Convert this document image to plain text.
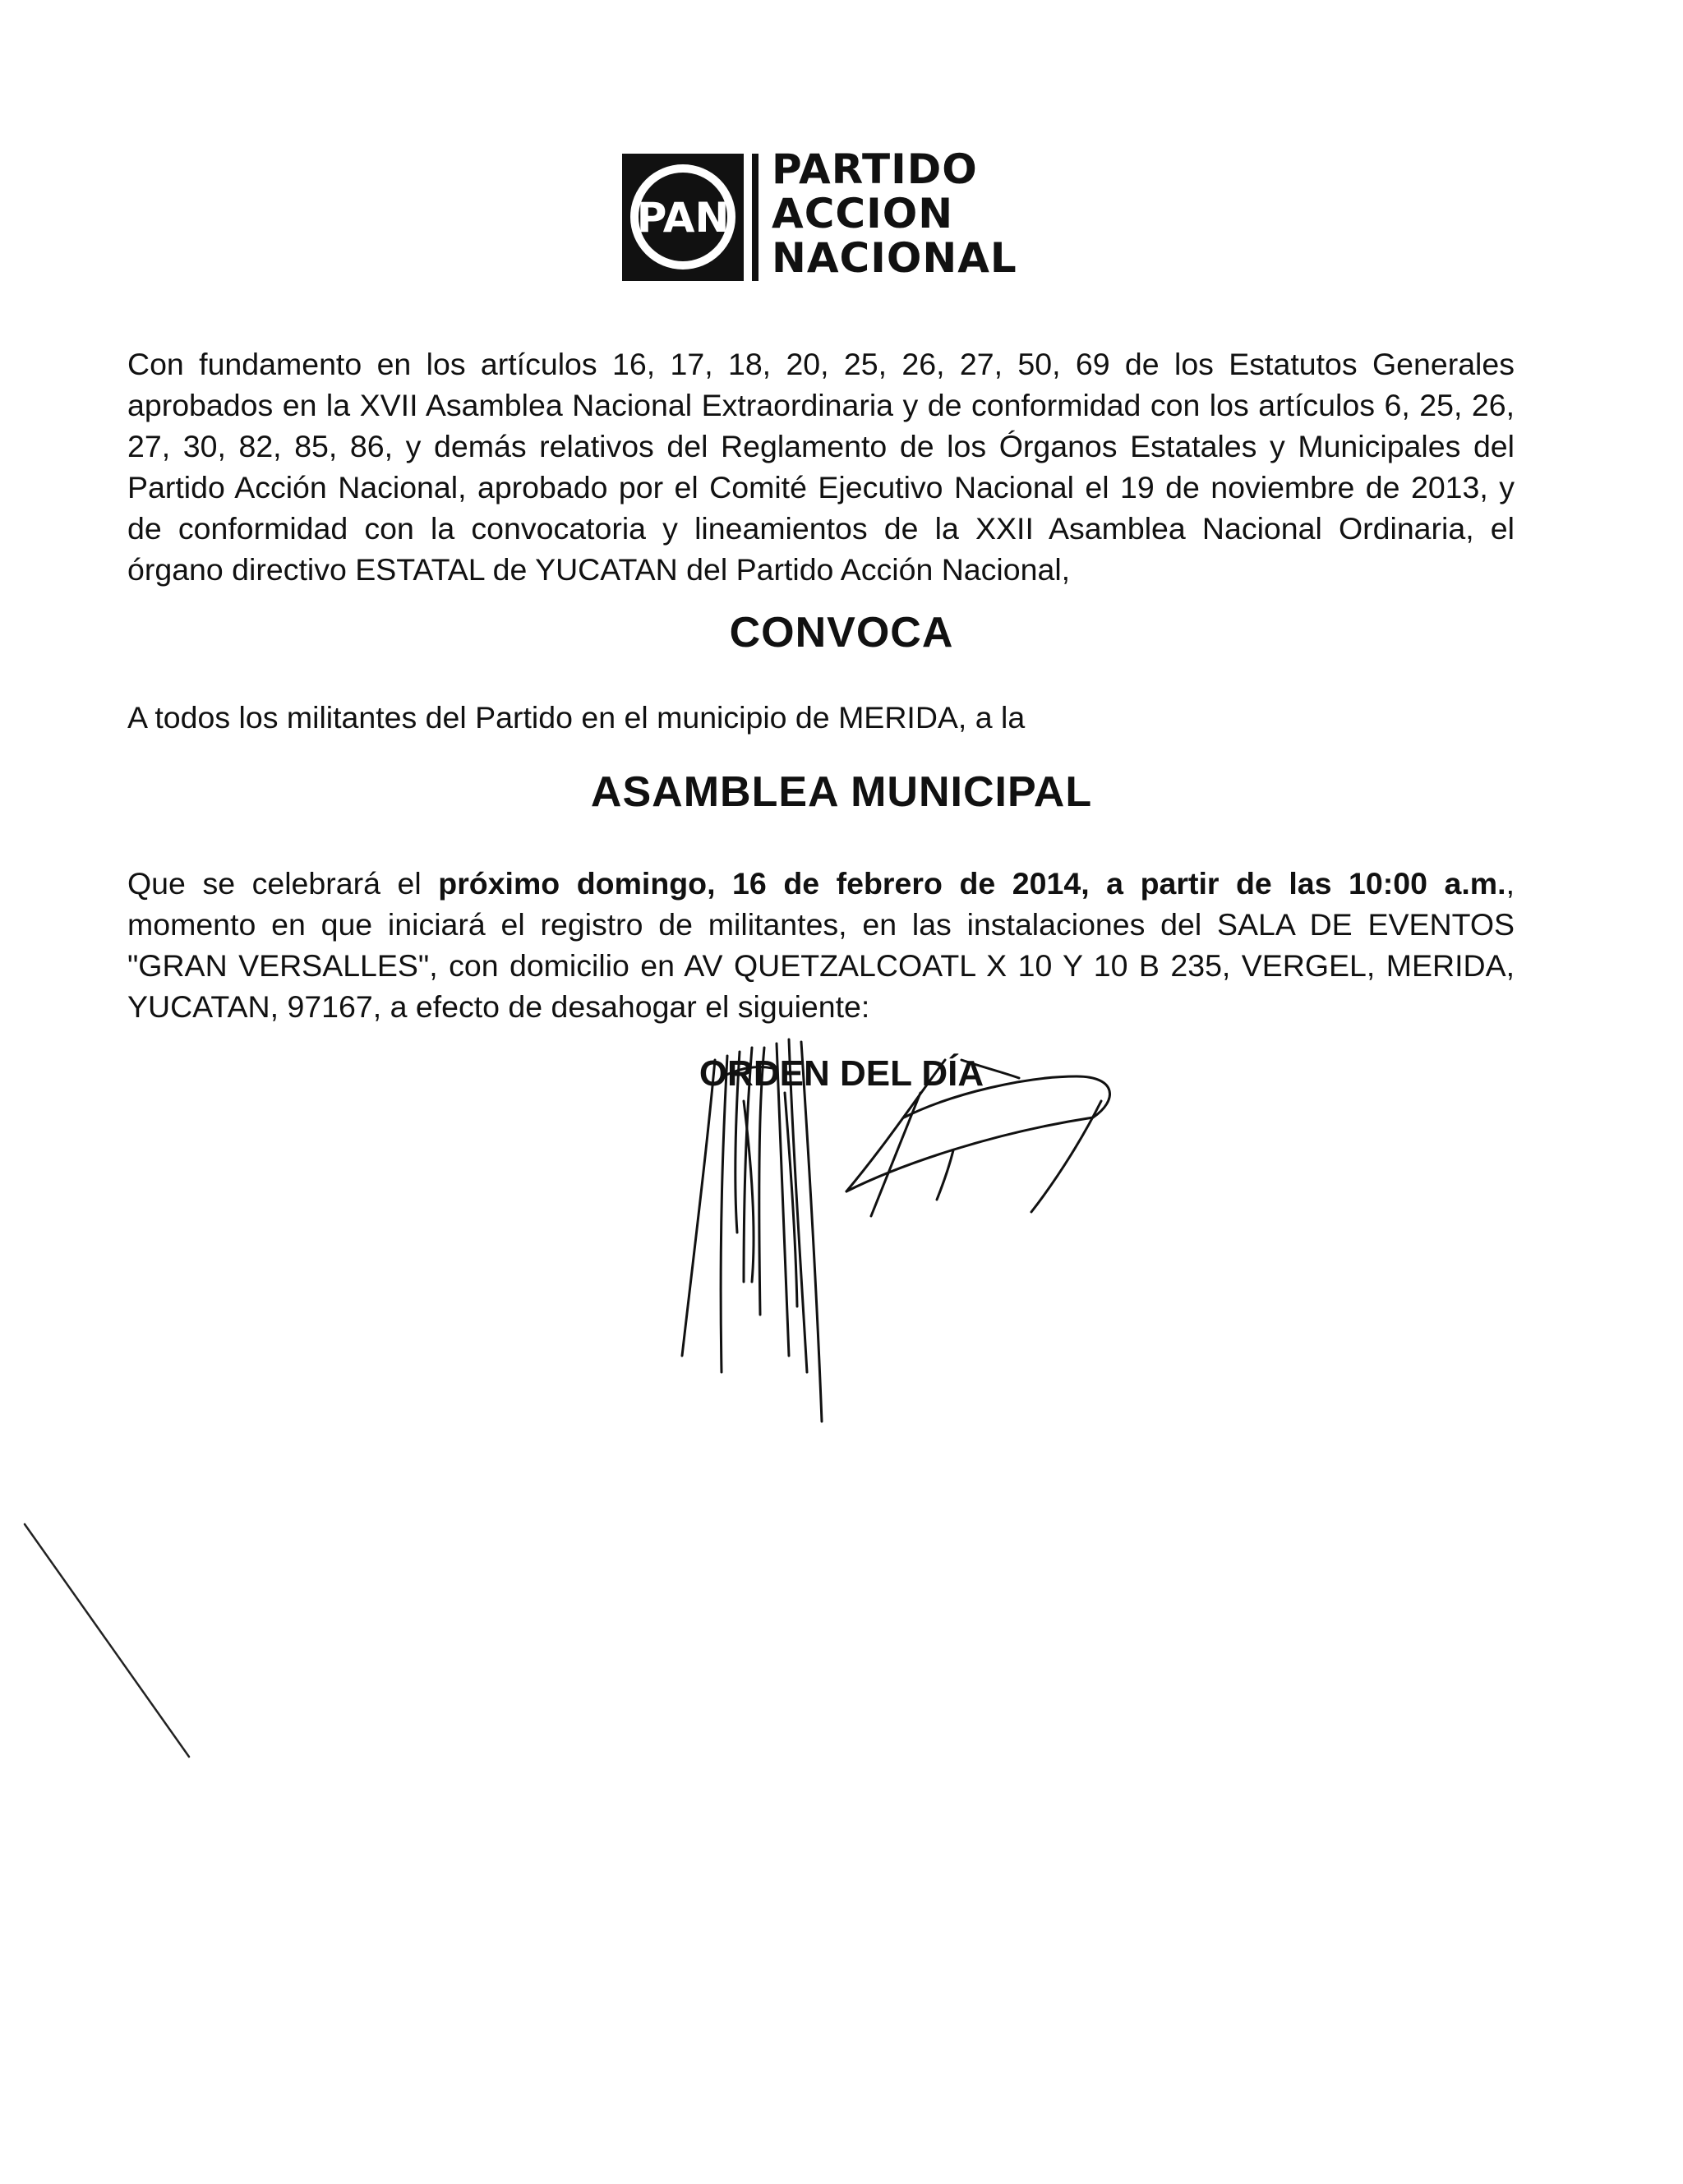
PAN
PARTIDO
ACCION
NACIONAL
Con fundamento en los artículos 16, 17, 18, 20, 25, 26, 27, 50, 69 de los Estatutos Generales aprobados en la XVII Asamblea Nacional Extraordinaria y de conformidad con los artículos 6, 25, 26, 27, 30, 82, 85, 86, y demás relativos del Reglamento de los Órganos Estatales y Municipales del Partido Acción Nacional, aprobado por el Comité Ejecutivo Nacional el 19 de noviembre de 2013, y de conformidad con la convocatoria y lineamientos de la XXII Asamblea Nacional Ordinaria, el órgano directivo ESTATAL de YUCATAN del Partido Acción Nacional,
CONVOCA
A todos los militantes del Partido en el municipio de MERIDA, a la
ASAMBLEA MUNICIPAL
Que se celebrará el próximo domingo, 16 de febrero de 2014, a partir de las 10:00 a.m., momento en que iniciará el registro de militantes, en las instalaciones del SALA DE EVENTOS "GRAN VERSALLES", con domicilio en AV QUETZALCOATL X 10 Y 10 B 235, VERGEL, MERIDA, YUCATAN, 97167, a efecto de desahogar el siguiente:
ORDEN DEL DÍA
